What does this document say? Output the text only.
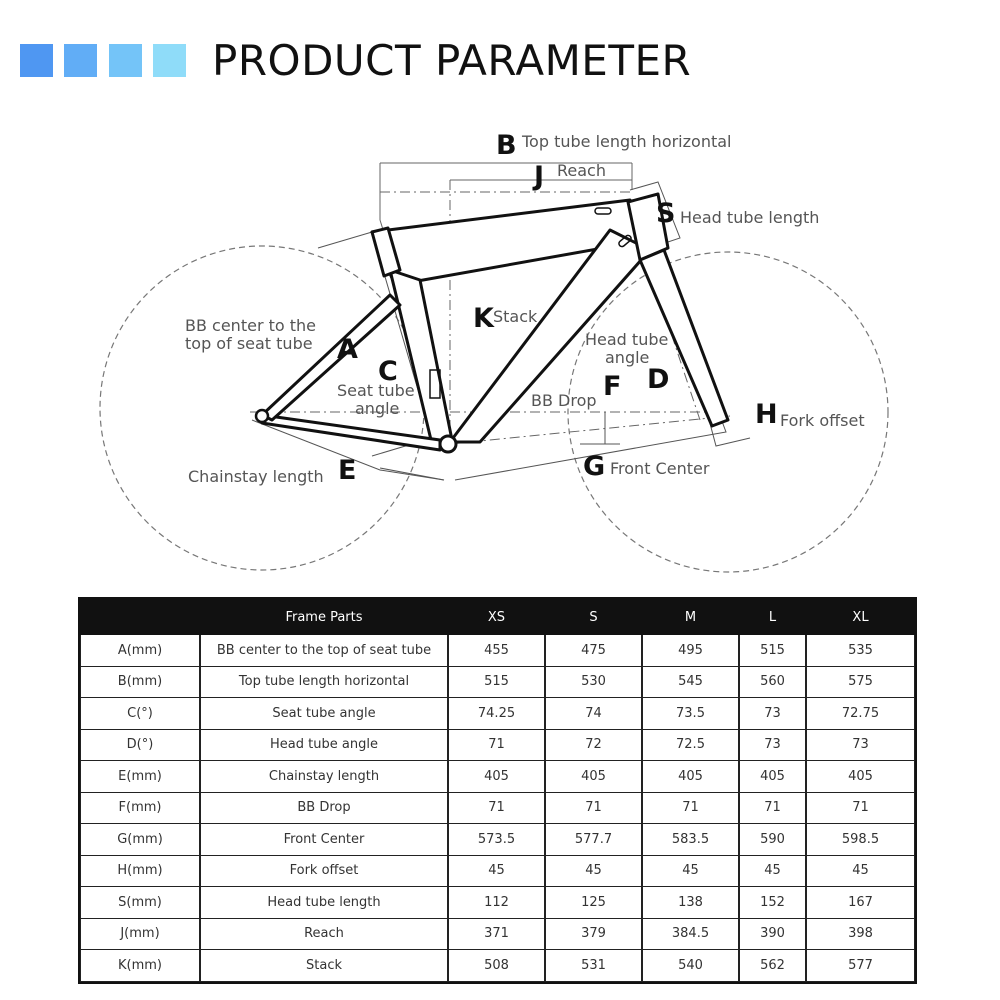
PRODUCT PARAMETER
B Top tube length horizontal
J Reach
S Head tube length
K Stack
BB center to the
top of seat tube A
C
Seat tube
angle
Head tube
angle
D
F
BB Drop	H Fork offset
Chainstay length E	G Front Center
	Frame Parts	XS	S	M	L	XL
A(mm)	BB center to the top of seat tube	455	475	495	515	535
B(mm)	Top tube length horizontal	515	530	545	560	575
C(°)	Seat tube angle	74.25	74	73.5	73	72.75
D(°)	Head tube angle	71	72	72.5	73	73
E(mm)	Chainstay length	405	405	405	405	405
F(mm)	BB Drop	71	71	71	71	71
G(mm)	Front Center	573.5	577.7	583.5	590	598.5
H(mm)	Fork offset	45	45	45	45	45
S(mm)	Head tube length	112	125	138	152	167
J(mm)	Reach	371	379	384.5	390	398
K(mm)	Stack	508	531	540	562	577
